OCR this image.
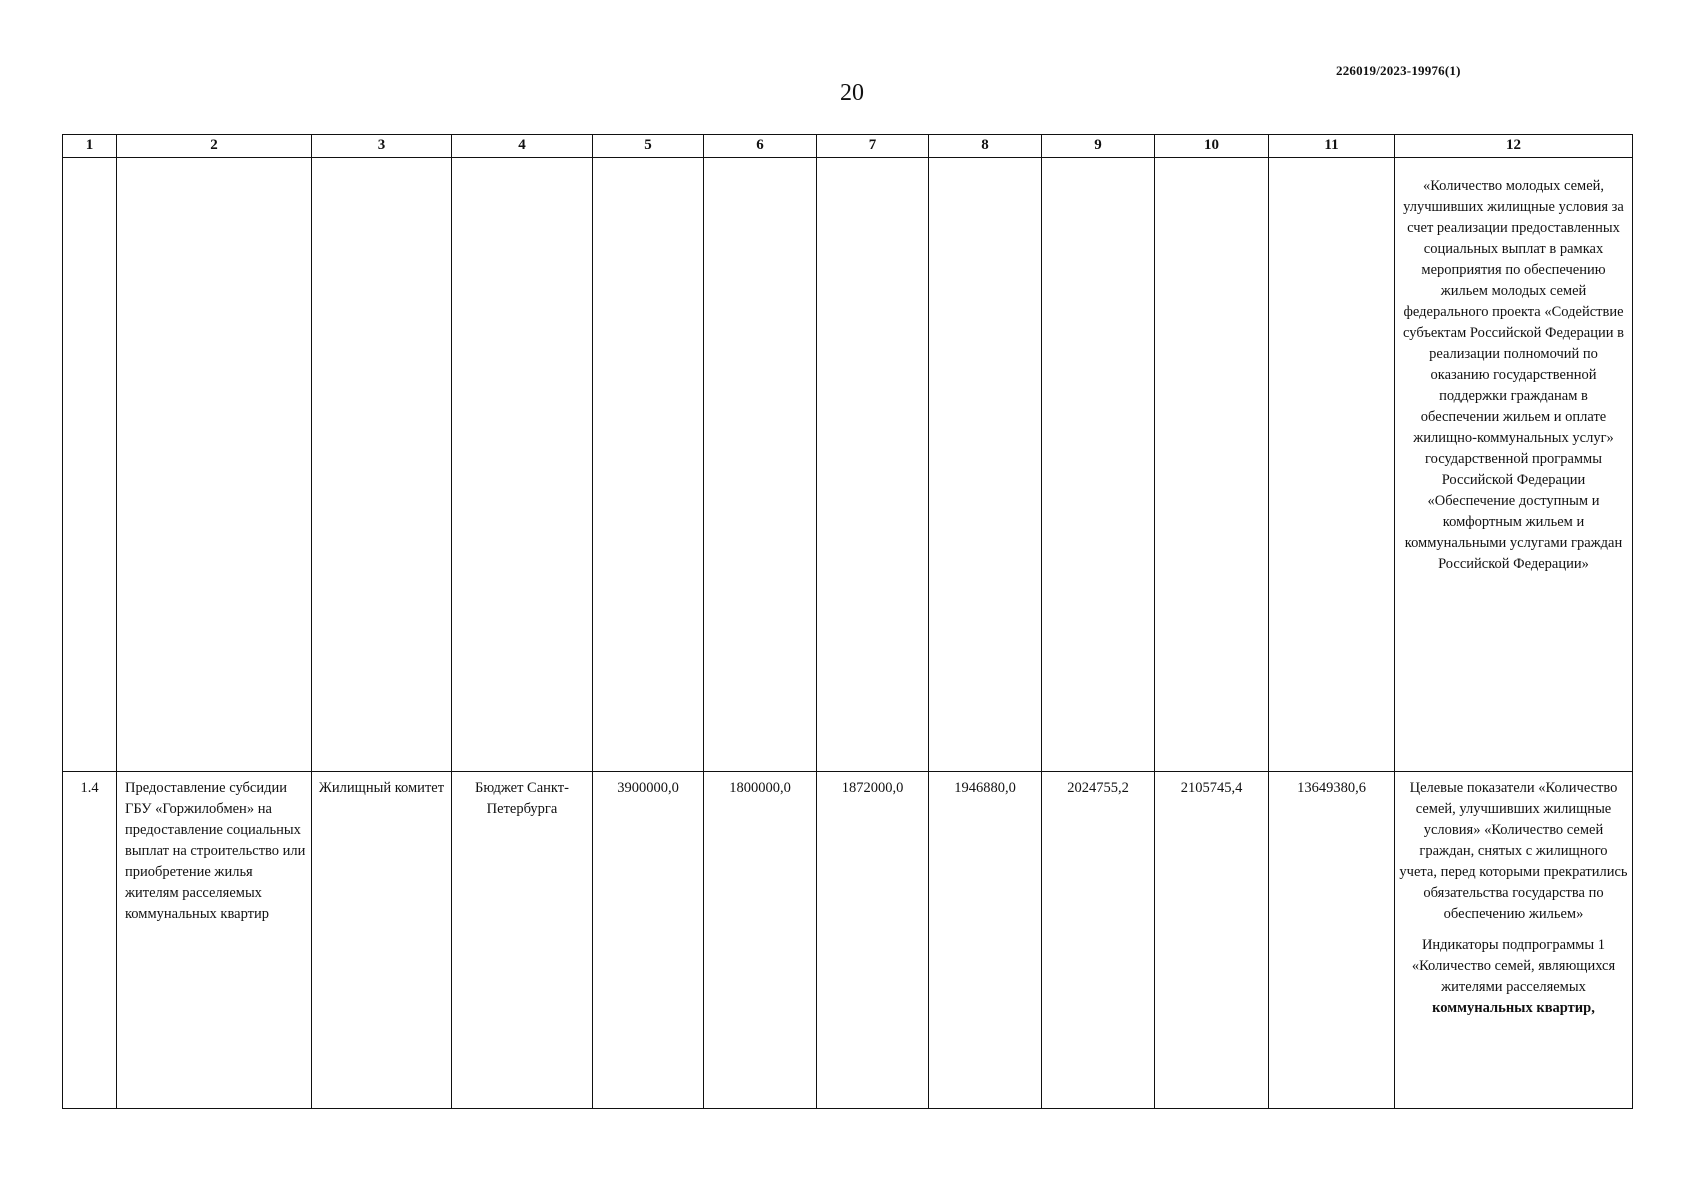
226019/2023-19976(1)
20
1	2	3	4	5	6	7	8	9	10	11	12
											«Количество молодых семей, улучшивших жилищные условия за счет реализации предоставленных социальных выплат в рамках мероприятия по обеспечению жильем молодых семей федерального проекта «Содействие субъектам Российской Федерации в реализации полномочий по оказанию государственной поддержки гражданам в обеспечении жильем и оплате жилищно-коммунальных услуг» государственной программы Российской Федерации «Обеспечение доступным и комфортным жильем и коммунальными услугами граждан Российской Федерации»
1.4	Предоставление субсидии ГБУ «Горжилобмен» на предоставление социальных выплат на строительство или приобретение жилья жителям расселяемых коммунальных квартир	Жилищный комитет	Бюджет Санкт-Петербурга	3900000,0	1800000,0	1872000,0	1946880,0	2024755,2	2105745,4	13649380,6	Целевые показатели «Количество семей, улучшивших жилищные условия» «Количество семей граждан, снятых с жилищного учета, перед которыми прекратились обязательства государства по обеспечению жильем»
Индикаторы подпрограммы 1 «Количество семей, являющихся жителями расселяемых
коммунальных квартир,
